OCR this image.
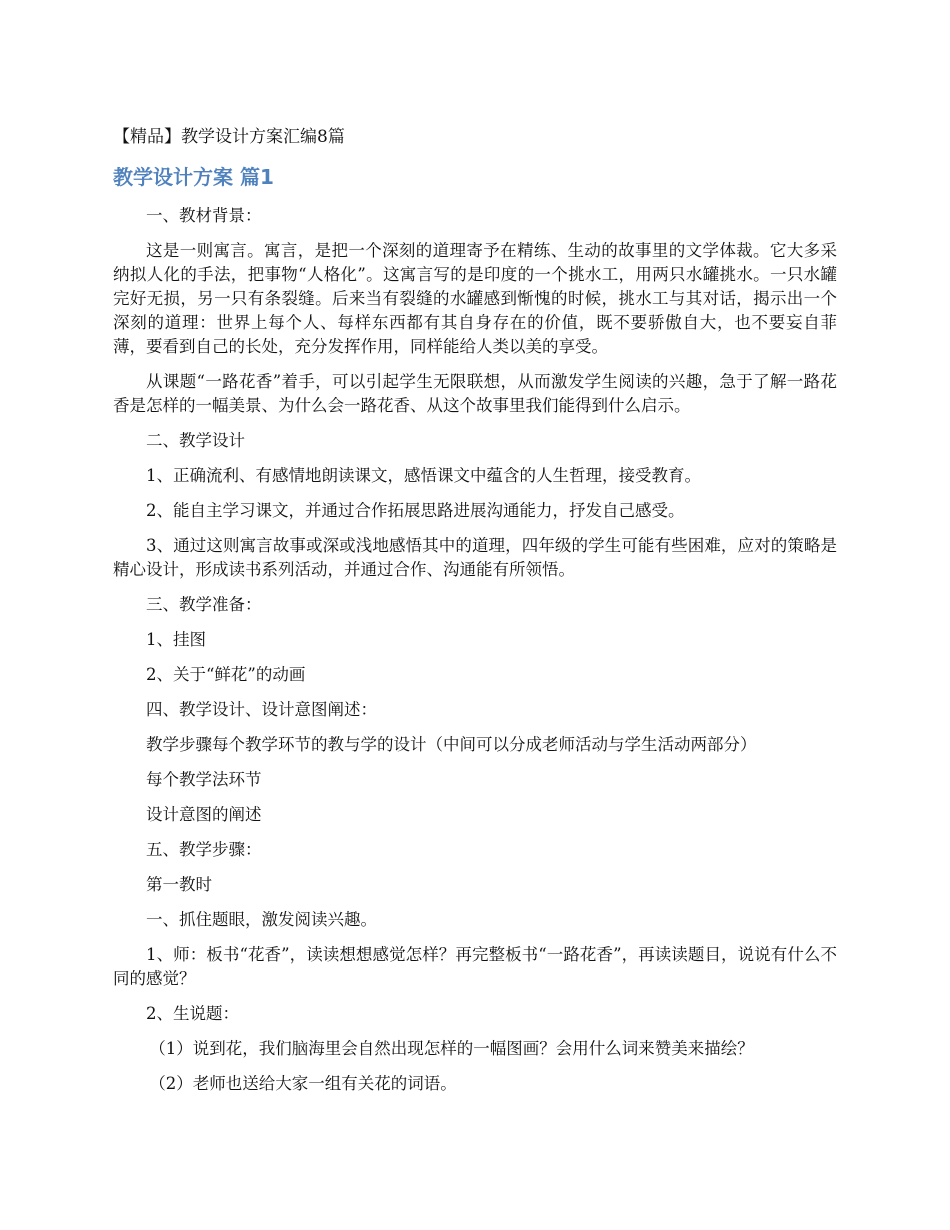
【精品】教学设计方案汇编8篇
教学设计方案 篇1

一、教材背景：

这是一则寓言。寓言，是把一个深刻的道理寄予在精练、生动的故事里的文学体裁。它大多采纳拟人化的手法，把事物“人格化”。这寓言写的是印度的一个挑水工，用两只水罐挑水。一只水罐完好无损，另一只有条裂缝。后来当有裂缝的水罐感到惭愧的时候，挑水工与其对话，揭示出一个深刻的道理：世界上每个人、每样东西都有其自身存在的价值，既不要骄傲自大，也不要妄自菲薄，要看到自己的长处，充分发挥作用，同样能给人类以美的享受。

从课题“一路花香”着手，可以引起学生无限联想，从而激发学生阅读的兴趣，急于了解一路花香是怎样的一幅美景、为什么会一路花香、从这个故事里我们能得到什么启示。

二、教学设计

1、正确流利、有感情地朗读课文，感悟课文中蕴含的人生哲理，接受教育。

2、能自主学习课文，并通过合作拓展思路进展沟通能力，抒发自己感受。

3、通过这则寓言故事或深或浅地感悟其中的道理，四年级的学生可能有些困难，应对的策略是精心设计，形成读书系列活动，并通过合作、沟通能有所领悟。

三、教学准备：

1、挂图

2、关于“鲜花”的动画

四、教学设计、设计意图阐述：

教学步骤每个教学环节的教与学的设计（中间可以分成老师活动与学生活动两部分）

每个教学法环节

设计意图的阐述

五、教学步骤：

第一教时

一、抓住题眼，激发阅读兴趣。

1、师：板书“花香”，读读想想感觉怎样？再完整板书“一路花香”，再读读题目，说说有什么不同的感觉？

2、生说题：

（1）说到花，我们脑海里会自然出现怎样的一幅图画？会用什么词来赞美来描绘？

（2）老师也送给大家一组有关花的词语。
